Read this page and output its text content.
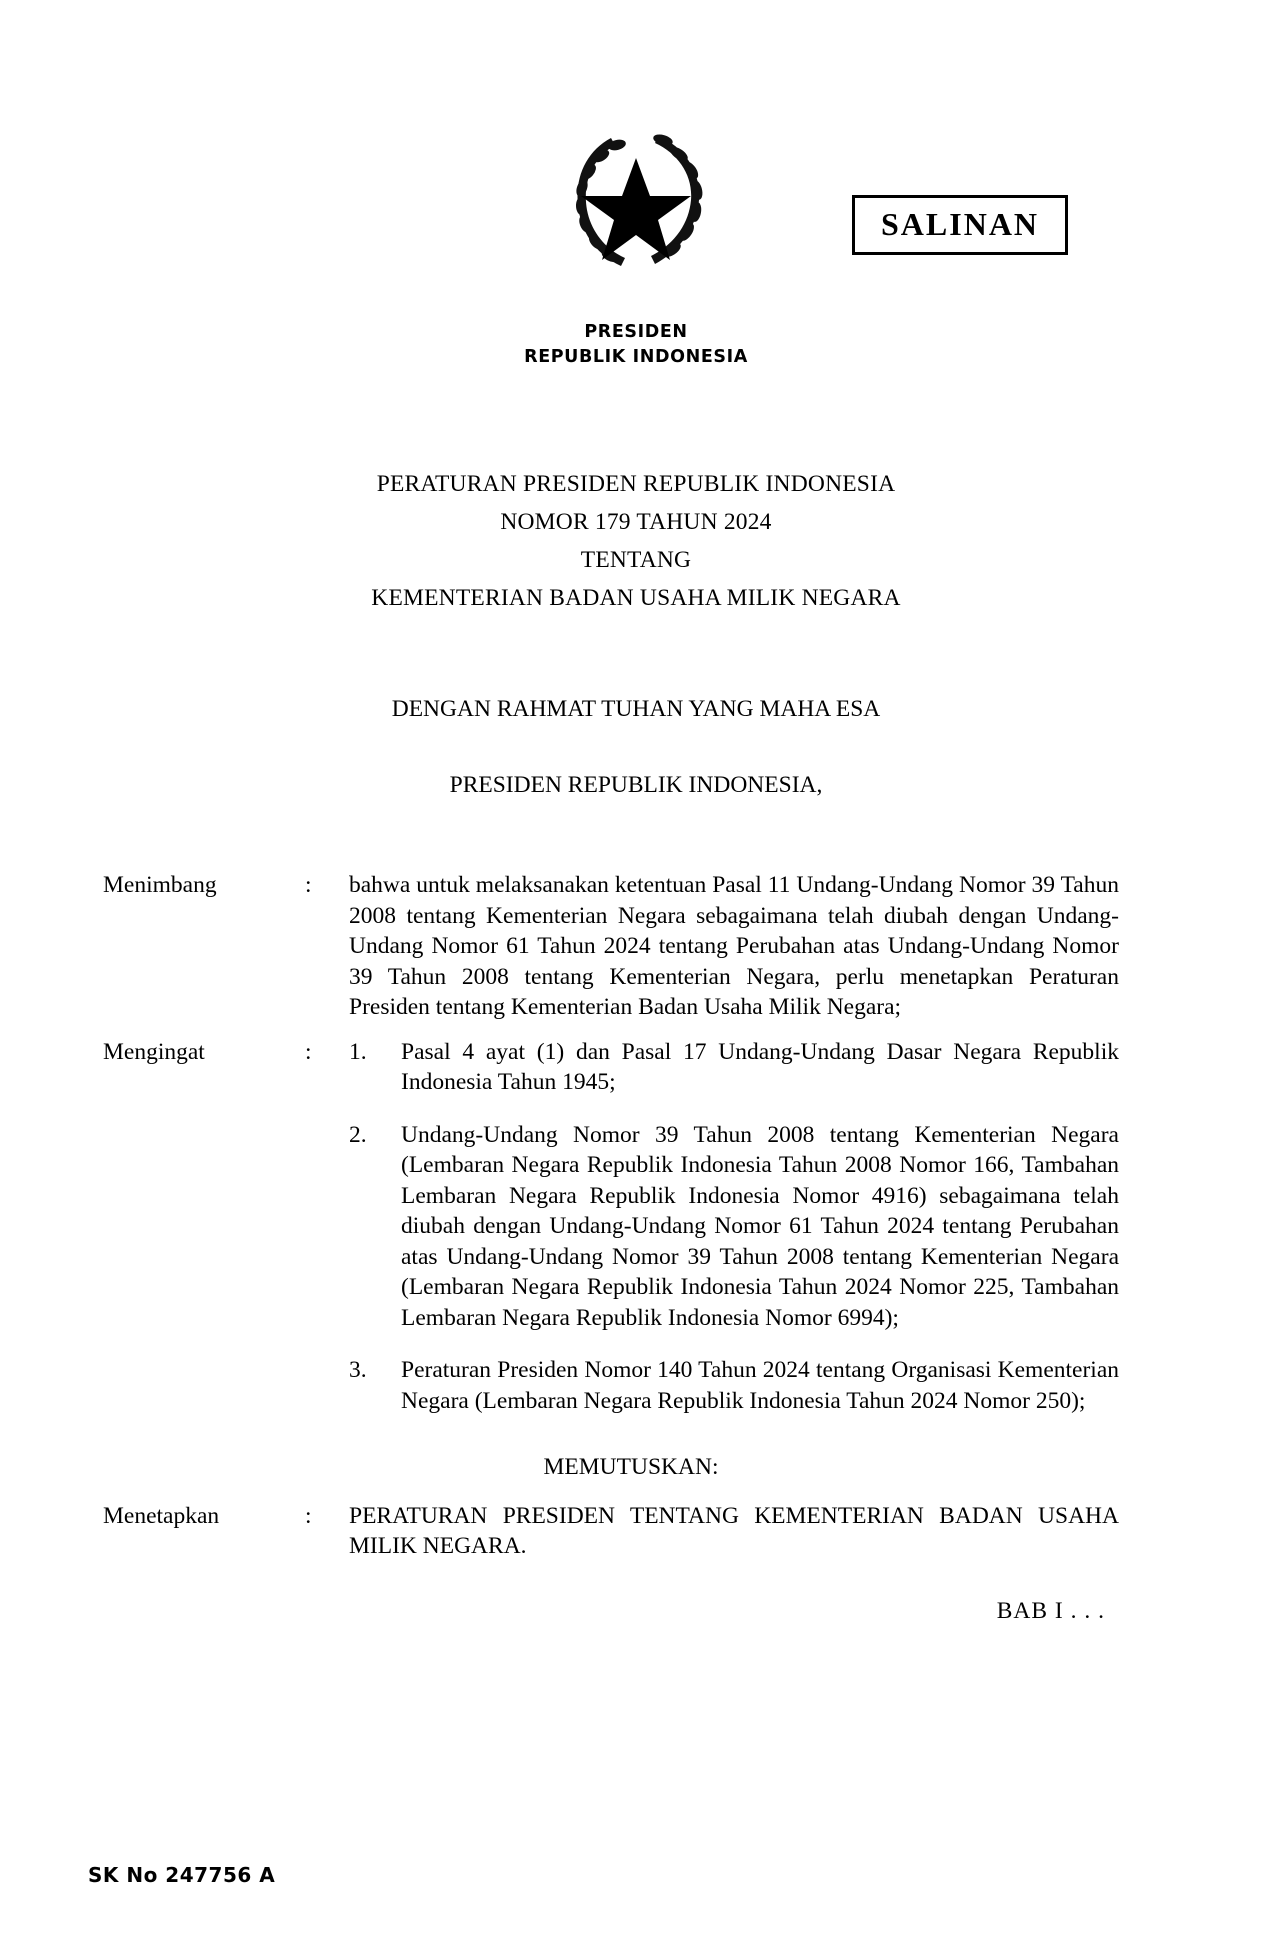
SALINAN
PRESIDEN
REPUBLIK INDONESIA
PERATURAN PRESIDEN REPUBLIK INDONESIA
NOMOR 179 TAHUN 2024
TENTANG
KEMENTERIAN BADAN USAHA MILIK NEGARA
DENGAN RAHMAT TUHAN YANG MAHA ESA
PRESIDEN REPUBLIK INDONESIA,
Menimbang	:	bahwa untuk melaksanakan ketentuan Pasal 11 Undang-Undang Nomor 39 Tahun 2008 tentang Kementerian Negara sebagaimana telah diubah dengan Undang-Undang Nomor 61 Tahun 2024 tentang Perubahan atas Undang-Undang Nomor 39 Tahun 2008 tentang Kementerian Negara, perlu menetapkan Peraturan Presiden tentang Kementerian Badan Usaha Milik Negara;
Mengingat	:	1.	Pasal 4 ayat (1) dan Pasal 17 Undang-Undang Dasar Negara Republik Indonesia Tahun 1945;
2.	Undang-Undang Nomor 39 Tahun 2008 tentang Kementerian Negara (Lembaran Negara Republik Indonesia Tahun 2008 Nomor 166, Tambahan Lembaran Negara Republik Indonesia Nomor 4916) sebagaimana telah diubah dengan Undang-Undang Nomor 61 Tahun 2024 tentang Perubahan atas Undang-Undang Nomor 39 Tahun 2008 tentang Kementerian Negara (Lembaran Negara Republik Indonesia Tahun 2024 Nomor 225, Tambahan Lembaran Negara Republik Indonesia Nomor 6994);
3.	Peraturan Presiden Nomor 140 Tahun 2024 tentang Organisasi Kementerian Negara (Lembaran Negara Republik Indonesia Tahun 2024 Nomor 250);
MEMUTUSKAN:
Menetapkan	:	PERATURAN PRESIDEN TENTANG KEMENTERIAN BADAN USAHA MILIK NEGARA.
BAB I . . .
SK No 247756 A
